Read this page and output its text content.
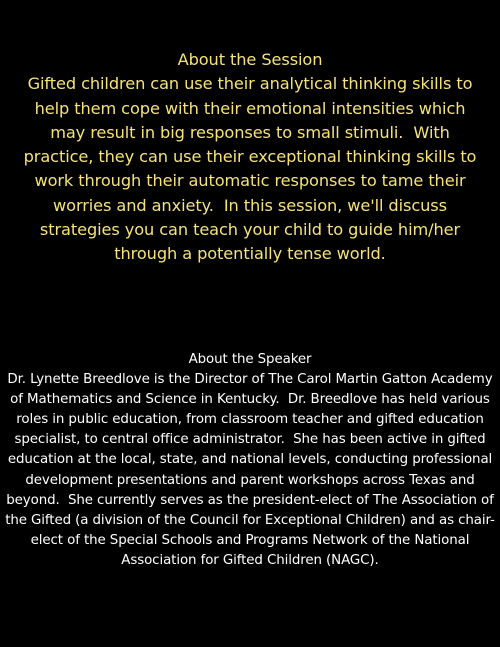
About the Session
Gifted children can use their analytical thinking skills to help them cope with their emotional intensities which may result in big responses to small stimuli.  With practice, they can use their exceptional thinking skills to work through their automatic responses to tame their worries and anxiety.  In this session, we'll discuss strategies you can teach your child to guide him/her through a potentially tense world.
About the Speaker
Dr. Lynette Breedlove is the Director of The Carol Martin Gatton Academy of Mathematics and Science in Kentucky.  Dr. Breedlove has held various roles in public education, from classroom teacher and gifted education specialist, to central office administrator.  She has been active in gifted education at the local, state, and national levels, conducting professional development presentations and parent workshops across Texas and beyond.  She currently serves as the president-elect of The Association of the Gifted (a division of the Council for Exceptional Children) and as chair-elect of the Special Schools and Programs Network of the National Association for Gifted Children (NAGC).
